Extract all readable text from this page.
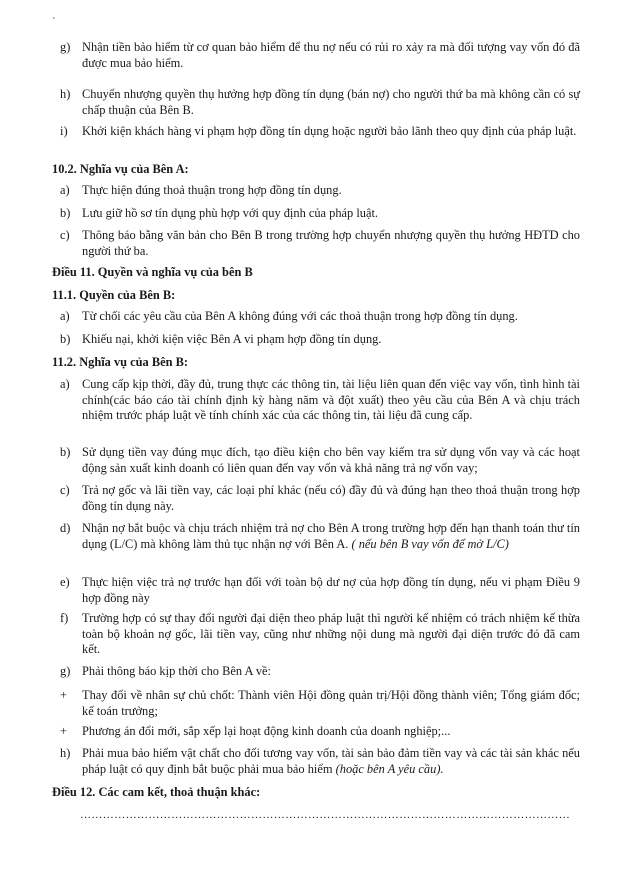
'
g) Nhận tiền bảo hiểm từ cơ quan bảo hiểm để thu nợ nếu có rủi ro xảy ra mà đối tượng vay vốn đó đã được mua bảo hiểm.
h) Chuyển nhượng quyền thụ hưởng hợp đồng tín dụng (bán nợ) cho người thứ ba mà không cần có sự chấp thuận của Bên B.
i)	Khởi kiện khách hàng vi phạm hợp đồng tín dụng hoặc người bảo lãnh theo quy định của pháp luật.
10.2. Nghĩa vụ của Bên A:
a) Thực hiện đúng thoả thuận trong hợp đồng tín dụng.
b) Lưu giữ hồ sơ tín dụng phù hợp với quy định của pháp luật.
c) Thông báo bằng văn bản cho Bên B trong trường hợp chuyển nhượng quyền thụ hưởng HĐTD cho người thứ ba.
Điều 11. Quyền và nghĩa vụ của bên B
11.1. Quyền của Bên B:
a) Từ chối các yêu cầu của Bên A không đúng với các thoả thuận trong hợp đồng tín dụng.
b) Khiếu nại, khởi kiện việc Bên A vi phạm hợp đồng tín dụng.
11.2. Nghĩa vụ của Bên B:
a) Cung cấp kịp thời, đầy đủ, trung thực các thông tin, tài liệu liên quan đến việc vay vốn, tình hình tài chính(các báo cáo tài chính định kỳ hàng năm và đột xuất) theo yêu cầu của Bên A và chịu trách nhiệm trước pháp luật về tính chính xác của các thông tin, tài liệu đã cung cấp.
b) Sử dụng tiền vay đúng mục đích, tạo điều kiện cho bên vay kiểm tra sử dụng vốn vay và các hoạt động sản xuất kinh doanh có liên quan đến vay vốn và khả năng trả nợ vốn vay;
c) Trả nợ gốc và lãi tiền vay, các loại phí khác (nếu có) đầy đủ và đúng hạn theo thoả thuận trong hợp đồng tín dụng này.
d) Nhận nợ bắt buộc và chịu trách nhiệm trả nợ cho Bên A trong trường hợp đến hạn thanh toán thư tín dụng (L/C) mà không làm thủ tục nhận nợ với Bên A. ( nếu bên B vay vốn để mở L/C)
e) Thực hiện việc trả nợ trước hạn đối với toàn bộ dư nợ của hợp đồng tín dụng, nếu vi phạm Điều 9 hợp đồng này
f)	Trường hợp có sự thay đổi người đại diện theo pháp luật thì người kế nhiệm có trách nhiệm kế thừa toàn bộ khoản nợ gốc, lãi tiền vay, cũng như những nội dung mà người đại diện trước đó đã cam kết.
g) Phải thông báo kịp thời cho Bên A về:
+	Thay đổi về nhân sự chủ chốt: Thành viên Hội đồng quản trị/Hội đồng thành viên; Tổng giám đốc; kế toán trưởng;
+	Phương án đổi mới, sắp xếp lại hoạt động kinh doanh của doanh nghiệp;...
h) Phải mua bảo hiểm vật chất cho đối tương vay vốn, tài sản bảo đảm tiền vay và các tài sản khác nếu pháp luật có quy định bắt buộc phải mua bảo hiểm (hoặc bên A yêu cầu).
Điều 12. Các cam kết, thoả thuận khác:
…………………………………………………………………………………………………………………
